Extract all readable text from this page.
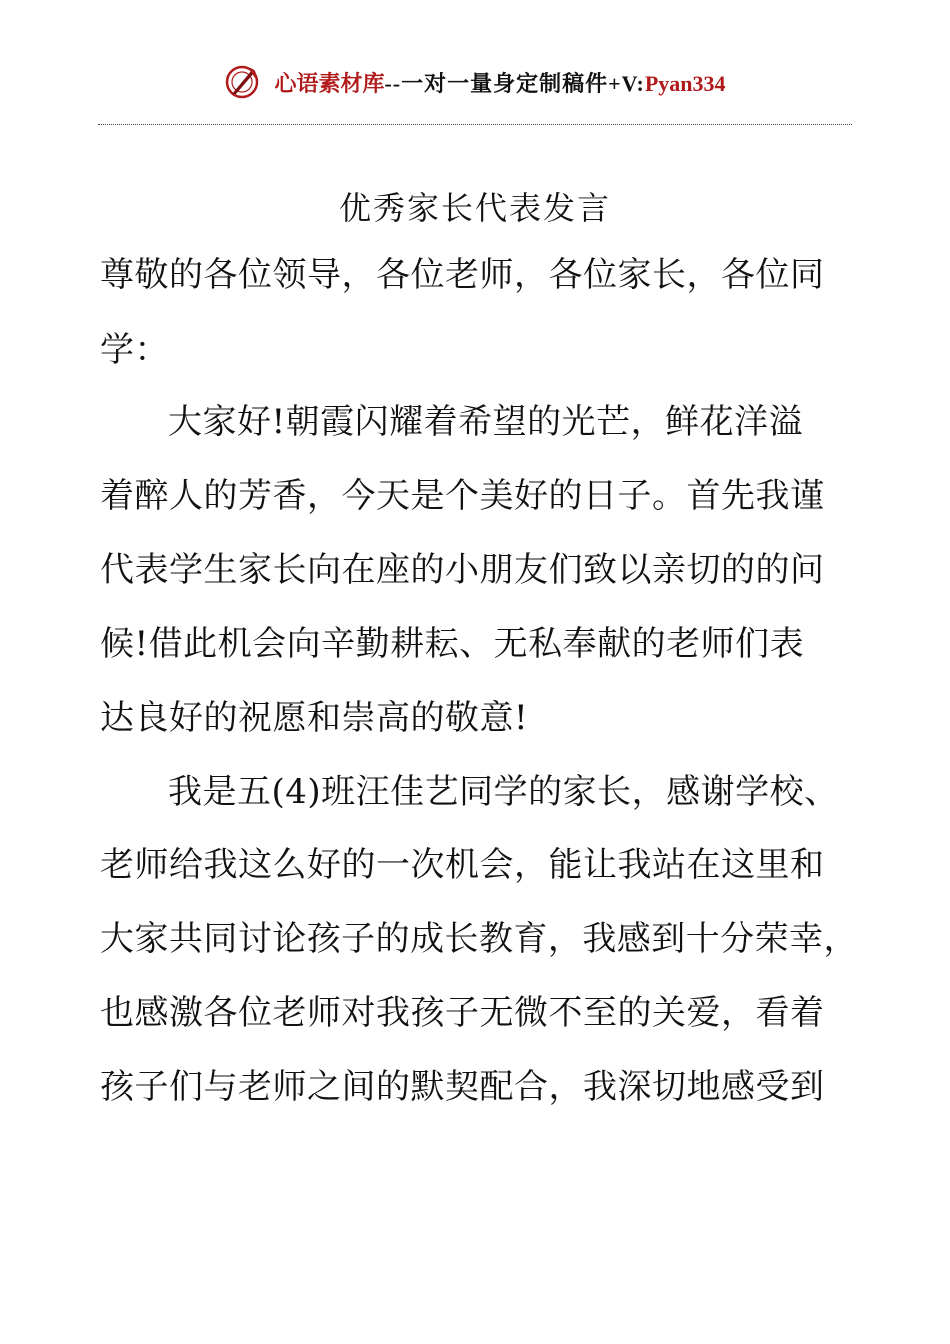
心语素材库--一对一量身定制稿件+V:Pyan334
优秀家长代表发言
尊敬的各位领导，各位老师，各位家长，各位同
学：
大家好!朝霞闪耀着希望的光芒，鲜花洋溢
着醉人的芳香，今天是个美好的日子。首先我谨
代表学生家长向在座的小朋友们致以亲切的的问
候!借此机会向辛勤耕耘、无私奉献的老师们表
达良好的祝愿和崇高的敬意!
我是五(4)班汪佳艺同学的家长，感谢学校、
老师给我这么好的一次机会，能让我站在这里和
大家共同讨论孩子的成长教育，我感到十分荣幸，
也感激各位老师对我孩子无微不至的关爱，看着
孩子们与老师之间的默契配合，我深切地感受到
